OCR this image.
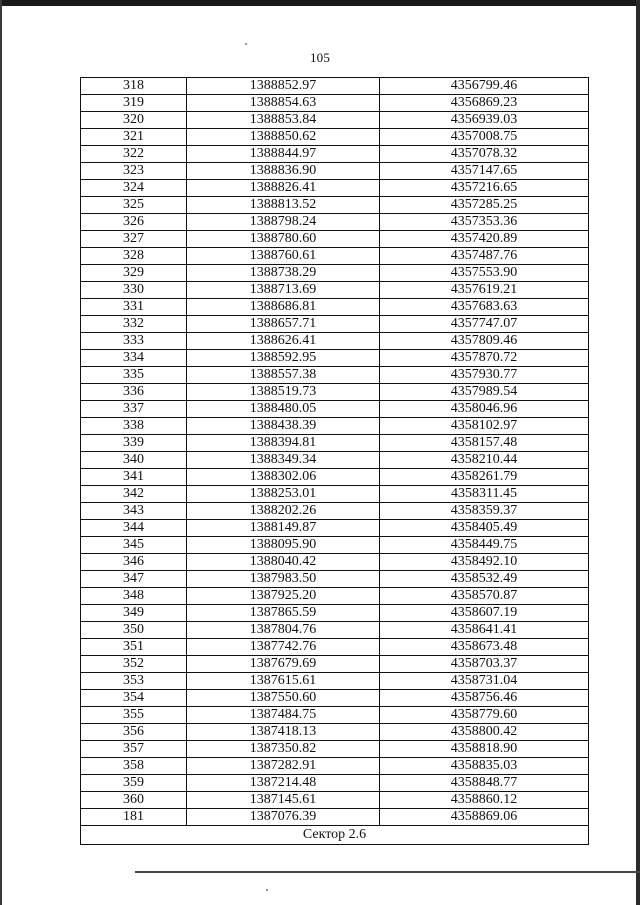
105
318	1388852.97	4356799.46
319	1388854.63	4356869.23
320	1388853.84	4356939.03
321	1388850.62	4357008.75
322	1388844.97	4357078.32
323	1388836.90	4357147.65
324	1388826.41	4357216.65
325	1388813.52	4357285.25
326	1388798.24	4357353.36
327	1388780.60	4357420.89
328	1388760.61	4357487.76
329	1388738.29	4357553.90
330	1388713.69	4357619.21
331	1388686.81	4357683.63
332	1388657.71	4357747.07
333	1388626.41	4357809.46
334	1388592.95	4357870.72
335	1388557.38	4357930.77
336	1388519.73	4357989.54
337	1388480.05	4358046.96
338	1388438.39	4358102.97
339	1388394.81	4358157.48
340	1388349.34	4358210.44
341	1388302.06	4358261.79
342	1388253.01	4358311.45
343	1388202.26	4358359.37
344	1388149.87	4358405.49
345	1388095.90	4358449.75
346	1388040.42	4358492.10
347	1387983.50	4358532.49
348	1387925.20	4358570.87
349	1387865.59	4358607.19
350	1387804.76	4358641.41
351	1387742.76	4358673.48
352	1387679.69	4358703.37
353	1387615.61	4358731.04
354	1387550.60	4358756.46
355	1387484.75	4358779.60
356	1387418.13	4358800.42
357	1387350.82	4358818.90
358	1387282.91	4358835.03
359	1387214.48	4358848.77
360	1387145.61	4358860.12
181	1387076.39	4358869.06
Сектор 2.6		
